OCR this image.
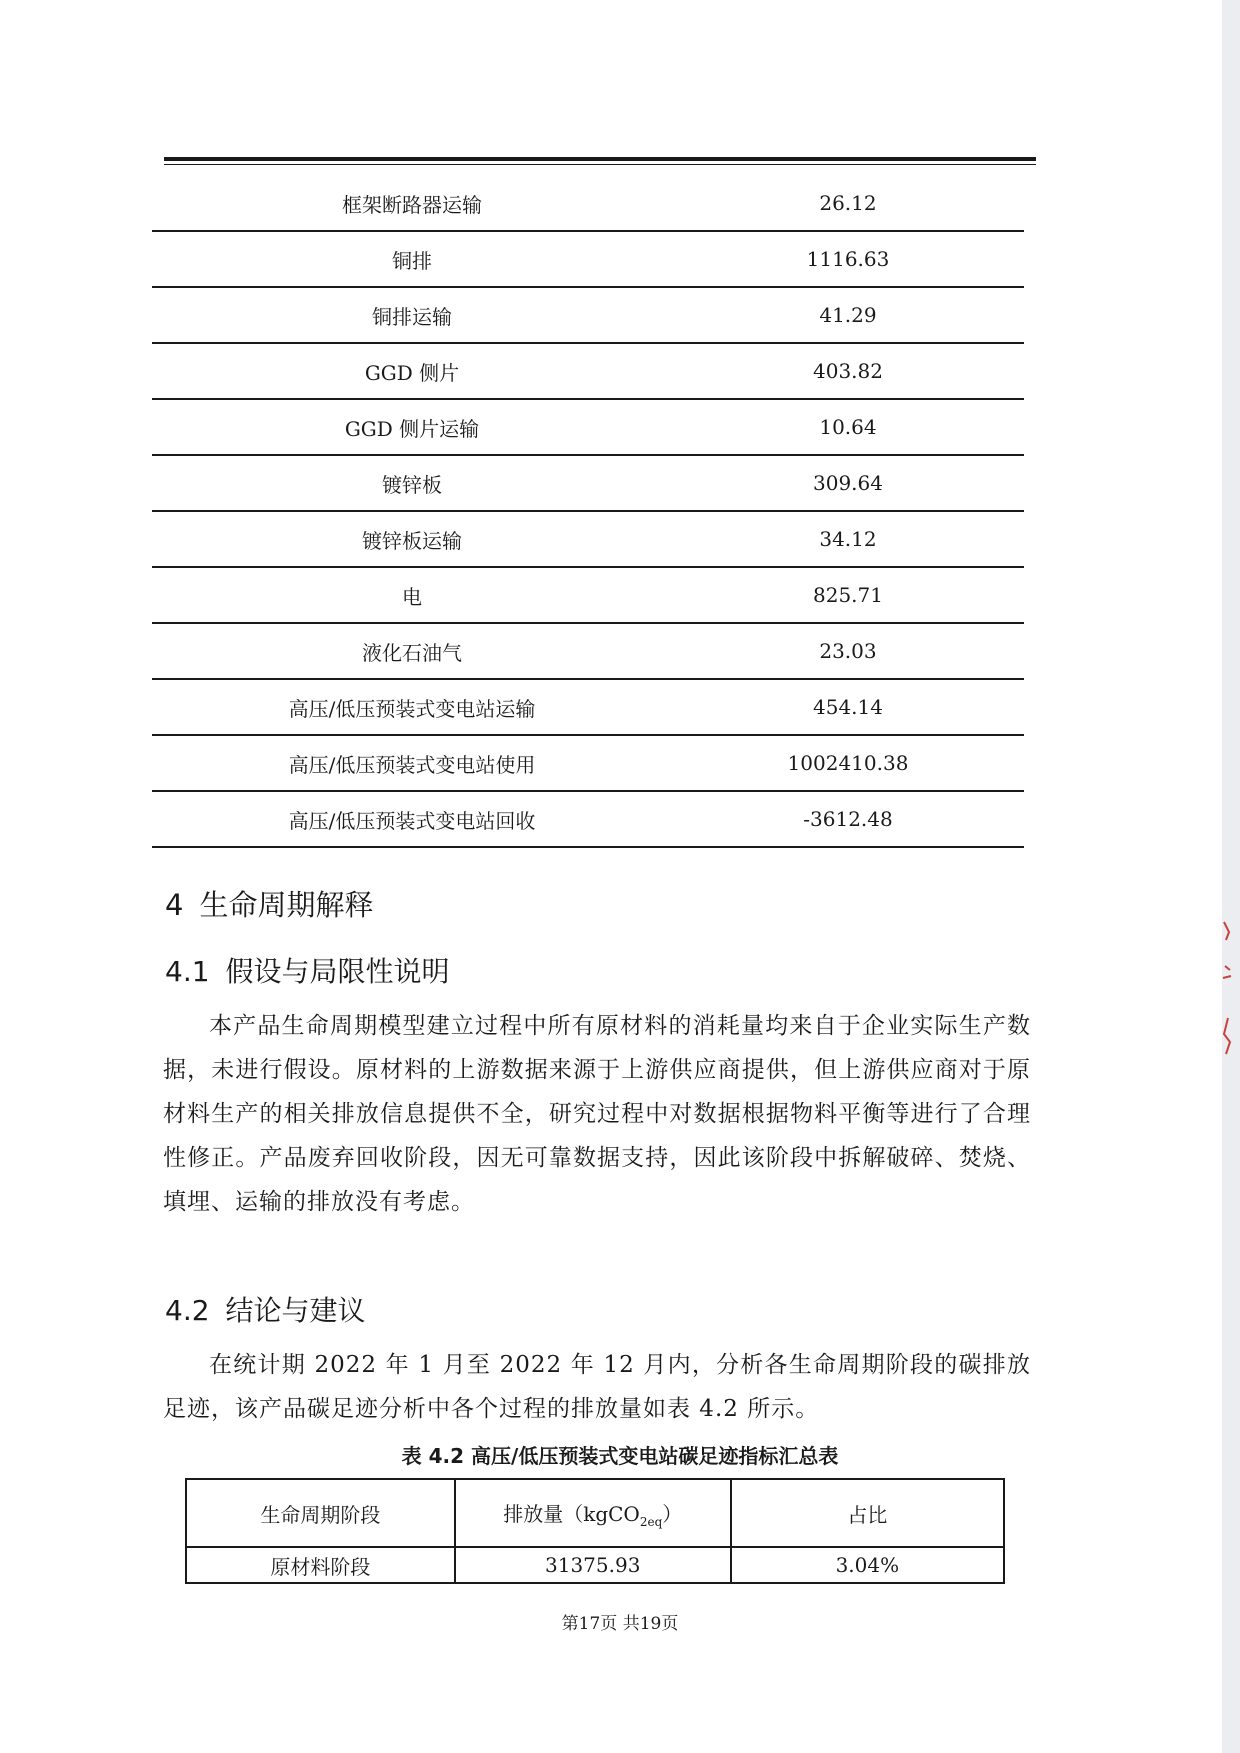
框架断路器运输	26.12
铜排	1116.63
铜排运输	41.29
GGD 侧片	403.82
GGD 侧片运输	10.64
镀锌板	309.64
镀锌板运输	34.12
电	825.71
液化石油气	23.03
高压/低压预装式变电站运输	454.14
高压/低压预装式变电站使用	1002410.38
高压/低压预装式变电站回收	-3612.48
4 生命周期解释
4.1 假设与局限性说明
本产品生命周期模型建立过程中所有原材料的消耗量均来自于企业实际生产数据，未进行假设。原材料的上游数据来源于上游供应商提供，但上游供应商对于原材料生产的相关排放信息提供不全，研究过程中对数据根据物料平衡等进行了合理性修正。产品废弃回收阶段，因无可靠数据支持，因此该阶段中拆解破碎、焚烧、填埋、运输的排放没有考虑。
4.2 结论与建议
在统计期 2022 年 1 月至 2022 年 12 月内，分析各生命周期阶段的碳排放足迹，该产品碳足迹分析中各个过程的排放量如表 4.2 所示。
表 4.2 高压/低压预装式变电站碳足迹指标汇总表
生命周期阶段	排放量（kgCO$_{2eq}$）	占比
原材料阶段	31375.93	3.04%
第17页 共19页
